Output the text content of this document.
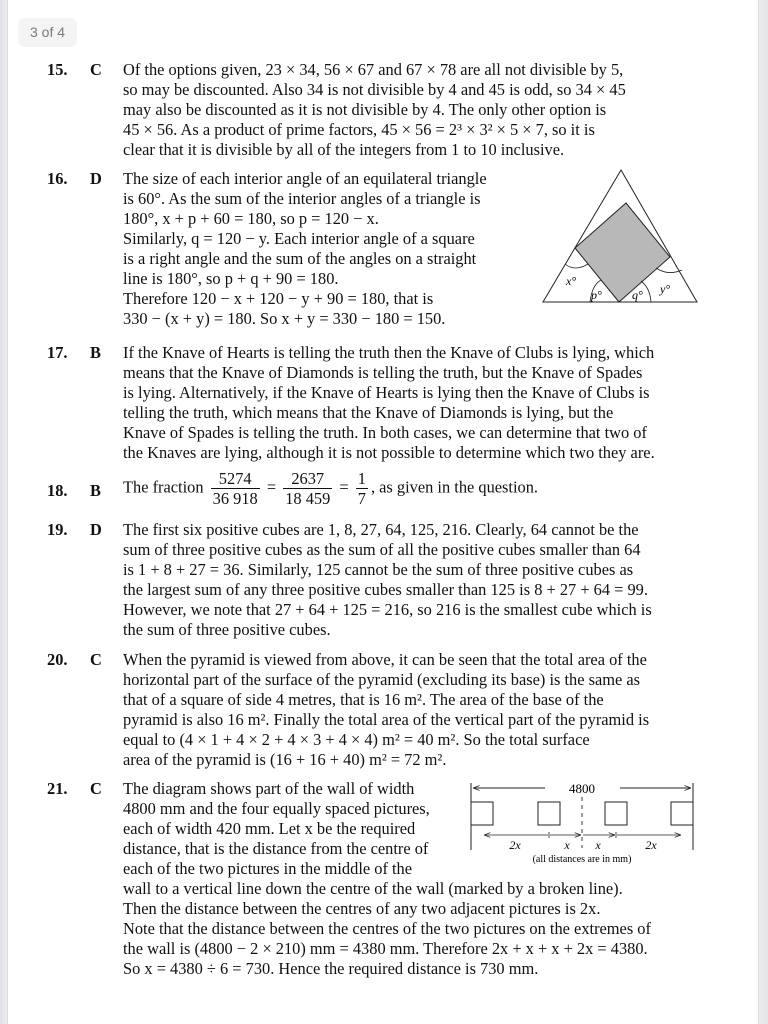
3 of 4
15. C Of the options given, 23 × 34, 56 × 67 and 67 × 78 are all not divisible by 5,
so may be discounted. Also 34 is not divisible by 4 and 45 is odd, so 34 × 45
may also be discounted as it is not divisible by 4. The only other option is
45 × 56. As a product of prime factors, 45 × 56 = 2³ × 3² × 5 × 7, so it is
clear that it is divisible by all of the integers from 1 to 10 inclusive.
16. D The size of each interior angle of an equilateral triangle
is 60°. As the sum of the interior angles of a triangle is
180°, x + p + 60 = 180, so p = 120 − x.
Similarly, q = 120 − y. Each interior angle of a square
is a right angle and the sum of the angles on a straight
line is 180°, so p + q + 90 = 180.
Therefore 120 − x + 120 − y + 90 = 180, that is
330 − (x + y) = 180. So x + y = 330 − 180 = 150.
x°
p°	q° y°
17. B If the Knave of Hearts is telling the truth then the Knave of Clubs is lying, which
means that the Knave of Diamonds is telling the truth, but the Knave of Spades
is lying. Alternatively, if the Knave of Hearts is lying then the Knave of Clubs is
telling the truth, which means that the Knave of Diamonds is lying, but the
Knave of Spades is telling the truth. In both cases, we can determine that two of
the Knaves are lying, although it is not possible to determine which two they are.
18. B The fraction $\frac{5274}{36 918} = \frac{2637}{18 459} = \frac{1}{7}$ , as given in the question.
19. D The first six positive cubes are 1, 8, 27, 64, 125, 216. Clearly, 64 cannot be the
sum of three positive cubes as the sum of all the positive cubes smaller than 64
is 1 + 8 + 27 = 36. Similarly, 125 cannot be the sum of three positive cubes as
the largest sum of any three positive cubes smaller than 125 is 8 + 27 + 64 = 99.
However, we note that 27 + 64 + 125 = 216, so 216 is the smallest cube which is
the sum of three positive cubes.
20. C When the pyramid is viewed from above, it can be seen that the total area of the
horizontal part of the surface of the pyramid (excluding its base) is the same as
that of a square of side 4 metres, that is 16 m². The area of the base of the
pyramid is also 16 m². Finally the total area of the vertical part of the pyramid is
equal to (4 × 1 + 4 × 2 + 4 × 3 + 4 × 4) m² = 40 m². So the total surface
area of the pyramid is (16 + 16 + 40) m² = 72 m².
21. C The diagram shows part of the wall of width
4800 mm and the four equally spaced pictures,
each of width 420 mm. Let x be the required
distance, that is the distance from the centre of
each of the two pictures in the middle of the
wall to a vertical line down the centre of the wall (marked by a broken line).
Then the distance between the centres of any two adjacent pictures is 2x.
Note that the distance between the centres of the two pictures on the extremes of
the wall is (4800 − 2 × 210) mm = 4380 mm. Therefore 2x + x + x + 2x = 4380.
So x = 4380 ÷ 6 = 730. Hence the required distance is 730 mm.
4800
2x	x x	2x
(all distances are in mm)
